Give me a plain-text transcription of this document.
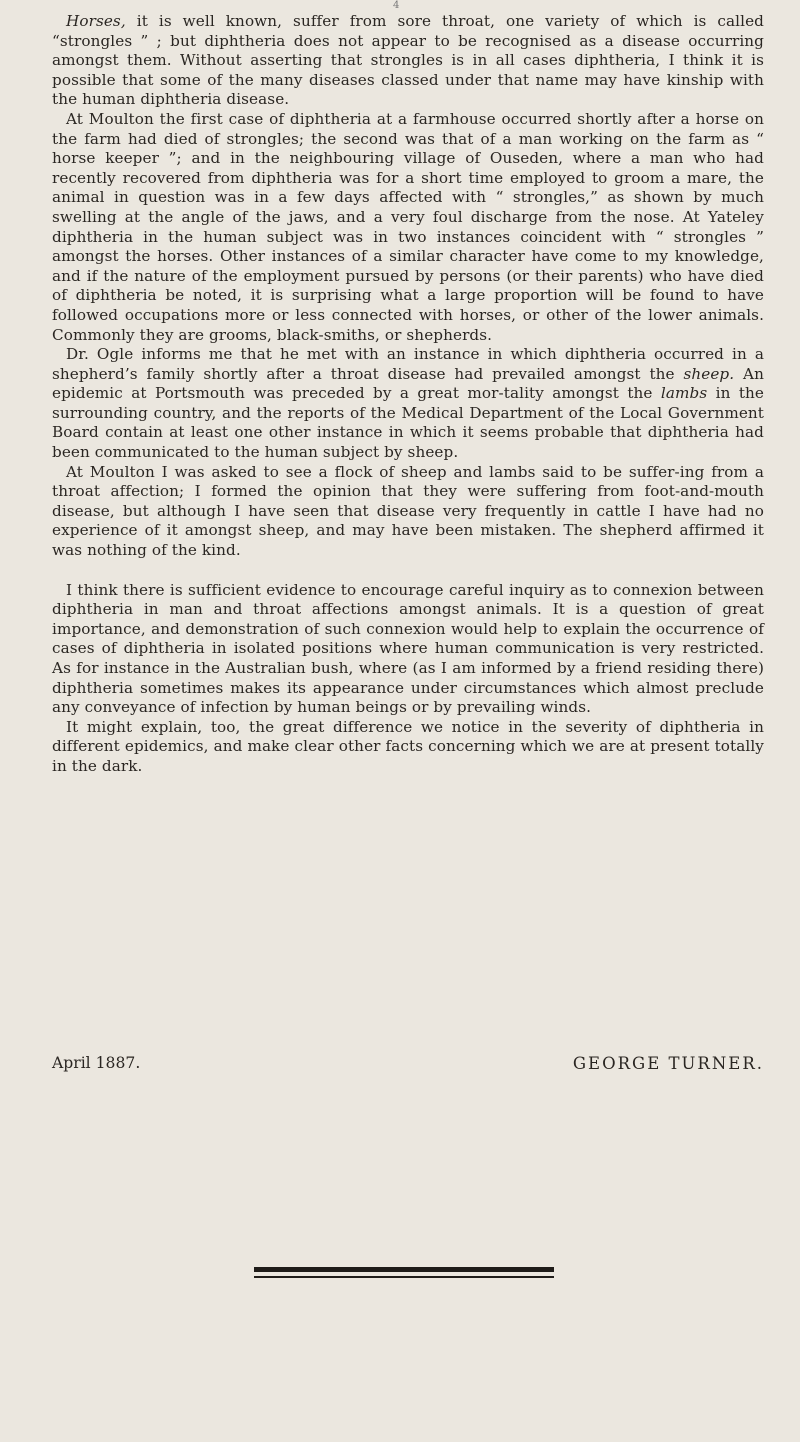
4

Horses, it is well known, suffer from sore throat, one variety of which is called “strongles ” ; but diphtheria does not appear to be recognised as a disease occurring amongst them. Without asserting that strongles is in all cases diphtheria, I think it is possible that some of the many diseases classed under that name may have kinship with the human diphtheria disease.

At Moulton the first case of diphtheria at a farmhouse occurred shortly after a horse on the farm had died of strongles; the second was that of a man working on the farm as “ horse keeper ”; and in the neighbouring village of Ouseden, where a man who had recently recovered from diphtheria was for a short time employed to groom a mare, the animal in question was in a few days affected with “ strongles,” as shown by much swelling at the angle of the jaws, and a very foul discharge from the nose. At Yateley diphtheria in the human subject was in two instances coincident with “ strongles ” amongst the horses. Other instances of a similar character have come to my knowledge, and if the nature of the employment pursued by persons (or their parents) who have died of diphtheria be noted, it is surprising what a large proportion will be found to have followed occupations more or less connected with horses, or other of the lower animals. Commonly they are grooms, black-smiths, or shepherds.

Dr. Ogle informs me that he met with an instance in which diphtheria occurred in a shepherd’s family shortly after a throat disease had prevailed amongst the sheep. An epidemic at Portsmouth was preceded by a great mor-tality amongst the lambs in the surrounding country, and the reports of the Medical Department of the Local Government Board contain at least one other instance in which it seems probable that diphtheria had been communicated to the human subject by sheep.

At Moulton I was asked to see a flock of sheep and lambs said to be suffer-ing from a throat affection; I formed the opinion that they were suffering from foot-and-mouth disease, but although I have seen that disease very frequently in cattle I have had no experience of it amongst sheep, and may have been mistaken. The shepherd affirmed it was nothing of the kind.

I think there is sufficient evidence to encourage careful inquiry as to connexion between diphtheria in man and throat affections amongst animals. It is a question of great importance, and demonstration of such connexion would help to explain the occurrence of cases of diphtheria in isolated positions where human communication is very restricted. As for instance in the Australian bush, where (as I am informed by a friend residing there) diphtheria sometimes makes its appearance under circumstances which almost preclude any conveyance of infection by human beings or by prevailing winds.

It might explain, too, the great difference we notice in the severity of diphtheria in different epidemics, and make clear other facts concerning which we are at present totally in the dark.

April 1887.	GEORGE TURNER.
